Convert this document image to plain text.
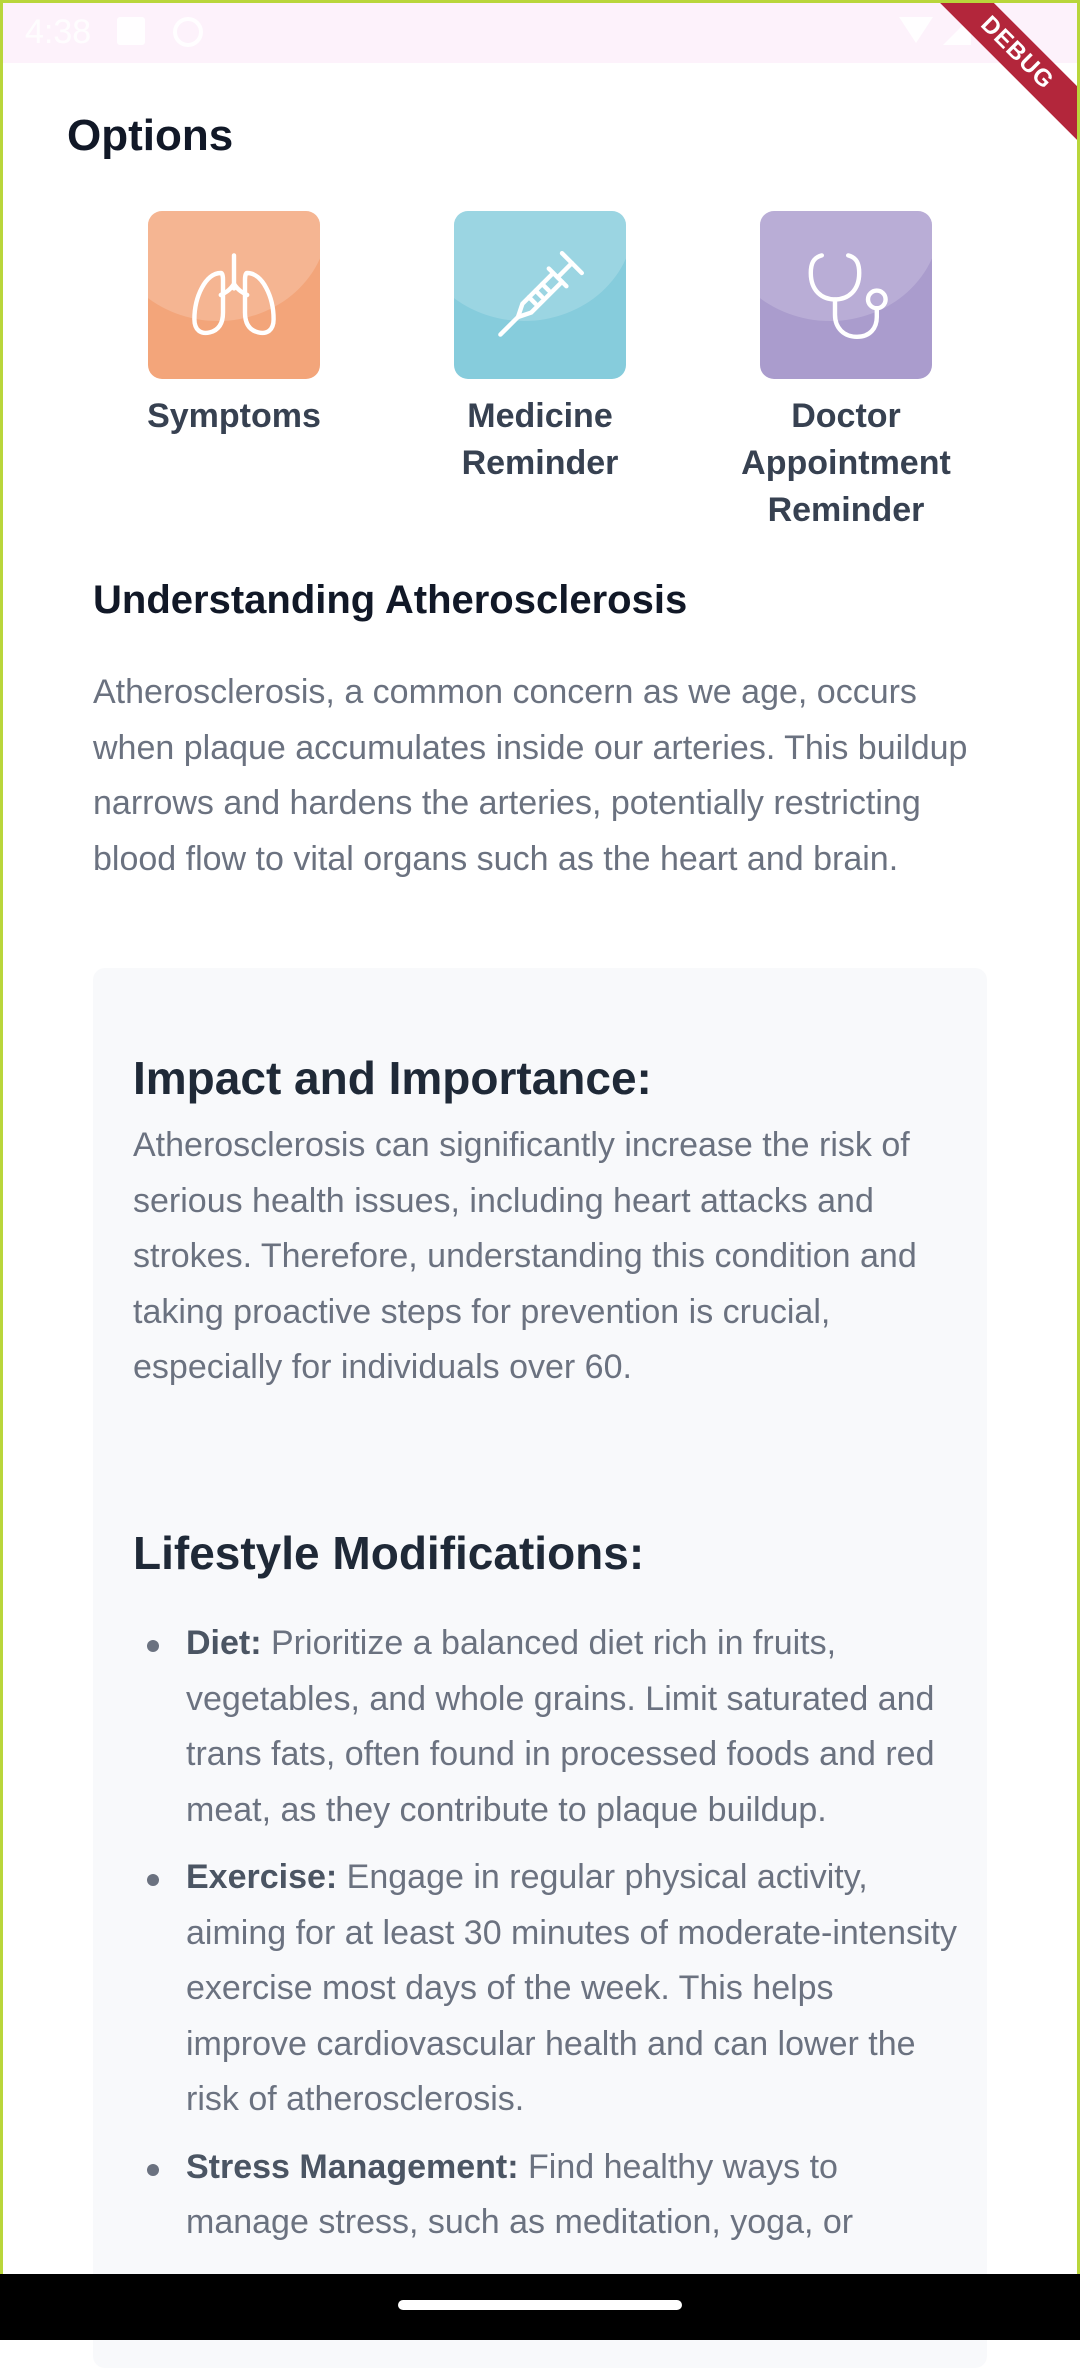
4:38	DEBUG
Options
Symptoms	Medicine Reminder
Doctor Appointment Reminder
Understanding Atherosclerosis

Atherosclerosis, a common concern as we age, occurs when plaque accumulates inside our arteries. This buildup narrows and hardens the arteries, potentially restricting blood flow to vital organs such as the heart and brain.

Impact and Importance:

Atherosclerosis can significantly increase the risk of serious health issues, including heart attacks and strokes. Therefore, understanding this condition and taking proactive steps for prevention is crucial, especially for individuals over 60.

Lifestyle Modifications:
Diet: Prioritize a balanced diet rich in fruits, vegetables, and whole grains. Limit saturated and trans fats, often found in processed foods and red meat, as they contribute to plaque buildup.
Exercise: Engage in regular physical activity, aiming for at least 30 minutes of moderate-intensity exercise most days of the week. This helps improve cardiovascular health and can lower the risk of atherosclerosis.
Stress Management: Find healthy ways to manage stress, such as meditation, yoga, or
